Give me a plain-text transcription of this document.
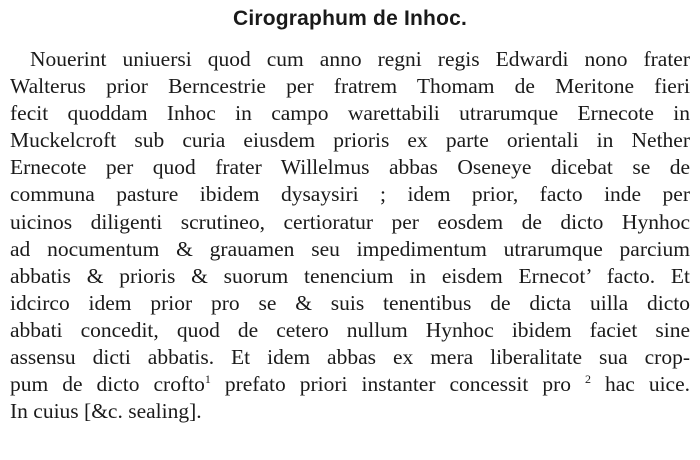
Cirographum de Inhoc.
Nouerint uniuersi quod cum anno regni regis Edwardi nono frater
Walterus prior Berncestrie per fratrem Thomam de Meritone fieri
fecit quoddam Inhoc in campo warettabili utrarumque Ernecote in
Muckelcroft sub curia eiusdem prioris ex parte orientali in Nether
Ernecote per quod frater Willelmus abbas Oseneye dicebat se de
communa pasture ibidem dysaysiri ; idem prior, facto inde per
uicinos diligenti scrutineo, certioratur per eosdem de dicto Hynhoc
ad nocumentum & grauamen seu impedimentum utrarumque parcium
abbatis & prioris & suorum tenencium in eisdem Ernecot’ facto. Et
idcirco idem prior pro se & suis tenentibus de dicta uilla dicto
abbati concedit, quod de cetero nullum Hynhoc ibidem faciet sine
assensu dicti abbatis. Et idem abbas ex mera liberalitate sua crop-
pum de dicto crofto$^1$ prefato priori instanter concessit pro $^2$ hac uice.
In cuius [&c. sealing].
